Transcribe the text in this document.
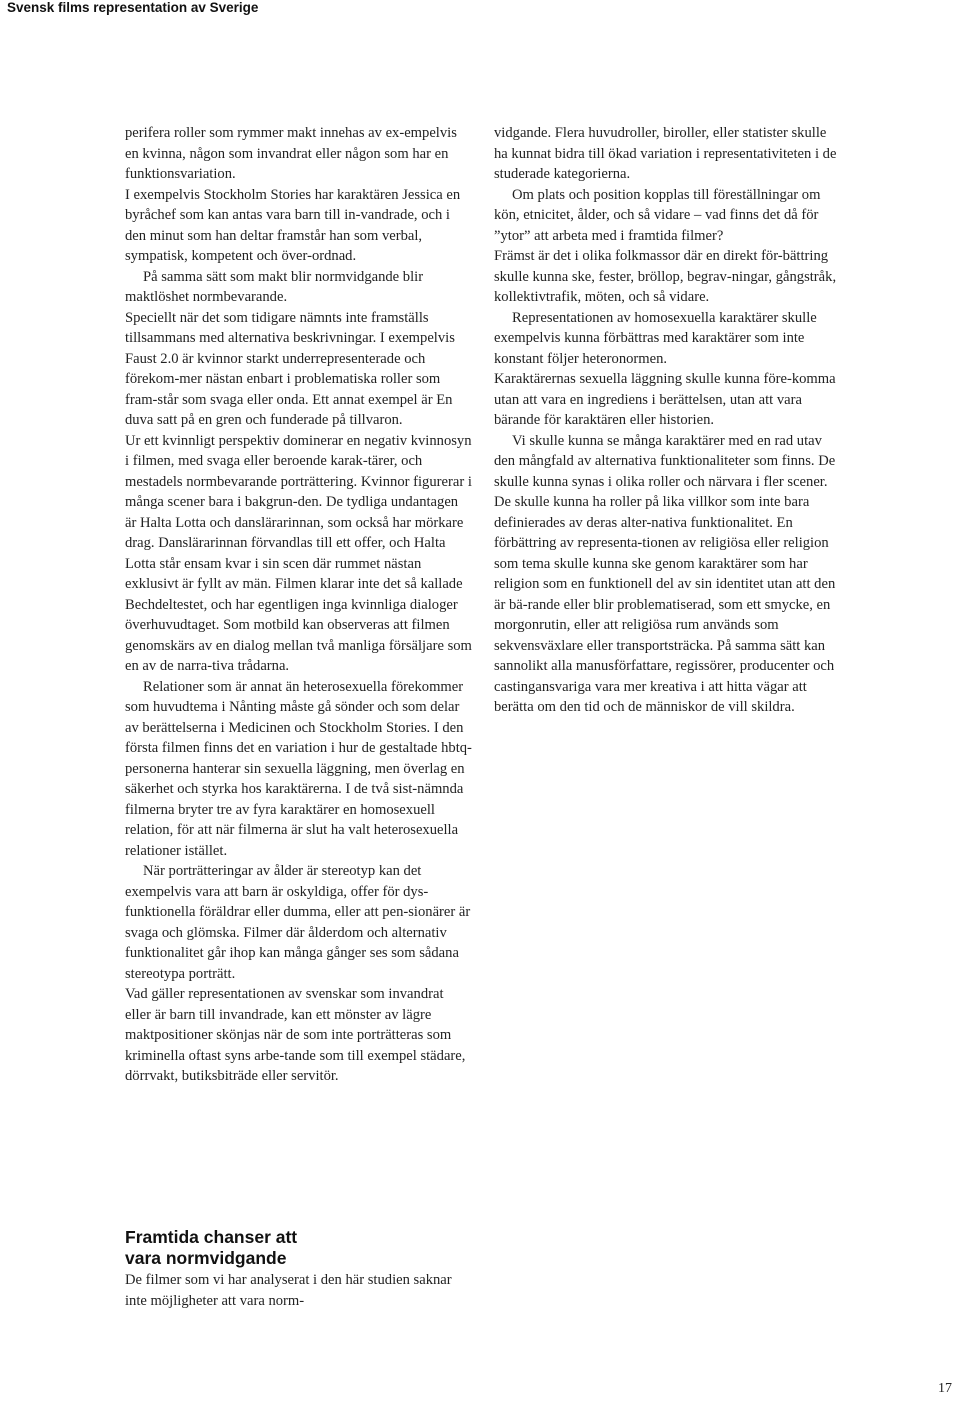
Svensk films representation av Sverige

perifera roller som rymmer makt innehas av ex-empelvis en kvinna, någon som invandrat eller någon som har en funktionsvariation.

I exempelvis Stockholm Stories har karaktären Jessica en byråchef som kan antas vara barn till in-vandrade, och i den minut som han deltar framstår han som verbal, sympatisk, kompetent och över-ordnad.

På samma sätt som makt blir normvidgande blir maktlöshet normbevarande.

Speciellt när det som tidigare nämnts inte framställs tillsammans med alternativa beskrivningar. I exempelvis Faust 2.0 är kvinnor starkt underrepresenterade och förekom-mer nästan enbart i problematiska roller som fram-står som svaga eller onda. Ett annat exempel är En duva satt på en gren och funderade på tillvaron.

Ur ett kvinnligt perspektiv dominerar en negativ kvinnosyn i filmen, med svaga eller beroende karak-tärer, och mestadels normbevarande porträttering. Kvinnor figurerar i många scener bara i bakgrun-den. De tydliga undantagen är Halta Lotta och danslärarinnan, som också har mörkare drag. Danslärarinnan förvandlas till ett offer, och Halta Lotta står ensam kvar i sin scen där rummet nästan exklusivt är fyllt av män. Filmen klarar inte det så kallade Bechdeltestet, och har egentligen inga kvinnliga dialoger överhuvudtaget. Som motbild kan observeras att filmen genomskärs av en dialog mellan två manliga försäljare som en av de narra-tiva trådarna.

Relationer som är annat än heterosexuella förekommer som huvudtema i Nånting måste gå sönder och som delar av berättelserna i Medicinen och Stockholm Stories. I den första filmen finns det en variation i hur de gestaltade hbtq-personerna hanterar sin sexuella läggning, men överlag en säkerhet och styrka hos karaktärerna. I de två sist-nämnda filmerna bryter tre av fyra karaktärer en homosexuell relation, för att när filmerna är slut ha valt heterosexuella relationer istället.

När porträtteringar av ålder är stereotyp kan det exempelvis vara att barn är oskyldiga, offer för dys-funktionella föräldrar eller dumma, eller att pen-sionärer är svaga och glömska. Filmer där ålderdom och alternativ funktionalitet går ihop kan många gånger ses som sådana stereotypa porträtt.

Vad gäller representationen av svenskar som invandrat eller är barn till invandrade, kan ett mönster av lägre maktpositioner skönjas när de som inte porträtteras som kriminella oftast syns arbe-tande som till exempel städare, dörrvakt, butiksbiträde eller servitör.

vidgande. Flera huvudroller, biroller, eller statister skulle ha kunnat bidra till ökad variation i representativiteten i de studerade kategorierna.

Om plats och position kopplas till föreställningar om kön, etnicitet, ålder, och så vidare – vad finns det då för ”ytor” att arbeta med i framtida filmer?

Främst är det i olika folkmassor där en direkt för-bättring skulle kunna ske, fester, bröllop, begrav-ningar, gångstråk, kollektivtrafik, möten, och så vidare.

Representationen av homosexuella karaktärer skulle exempelvis kunna förbättras med karaktärer som inte konstant följer heteronormen.

Karaktärernas sexuella läggning skulle kunna före-komma utan att vara en ingrediens i berättelsen, utan att vara bärande för karaktären eller historien.

Vi skulle kunna se många karaktärer med en rad utav den mångfald av alternativa funktionaliteter som finns. De skulle kunna synas i olika roller och närvara i fler scener. De skulle kunna ha roller på lika villkor som inte bara definierades av deras alter-nativa funktionalitet. En förbättring av representa-tionen av religiösa eller religion som tema skulle kunna ske genom karaktärer som har religion som en funktionell del av sin identitet utan att den är bä-rande eller blir problematiserad, som ett smycke, en morgonrutin, eller att religiösa rum används som sekvensväxlare eller transportsträcka. På samma sätt kan sannolikt alla manusförfattare, regissörer, producenter och castingansvariga vara mer kreativa i att hitta vägar att berätta om den tid och de människor de vill skildra.

Framtida chanser att
vara normvidgande

De filmer som vi har analyserat i den här studien saknar inte möjligheter att vara norm-

17
